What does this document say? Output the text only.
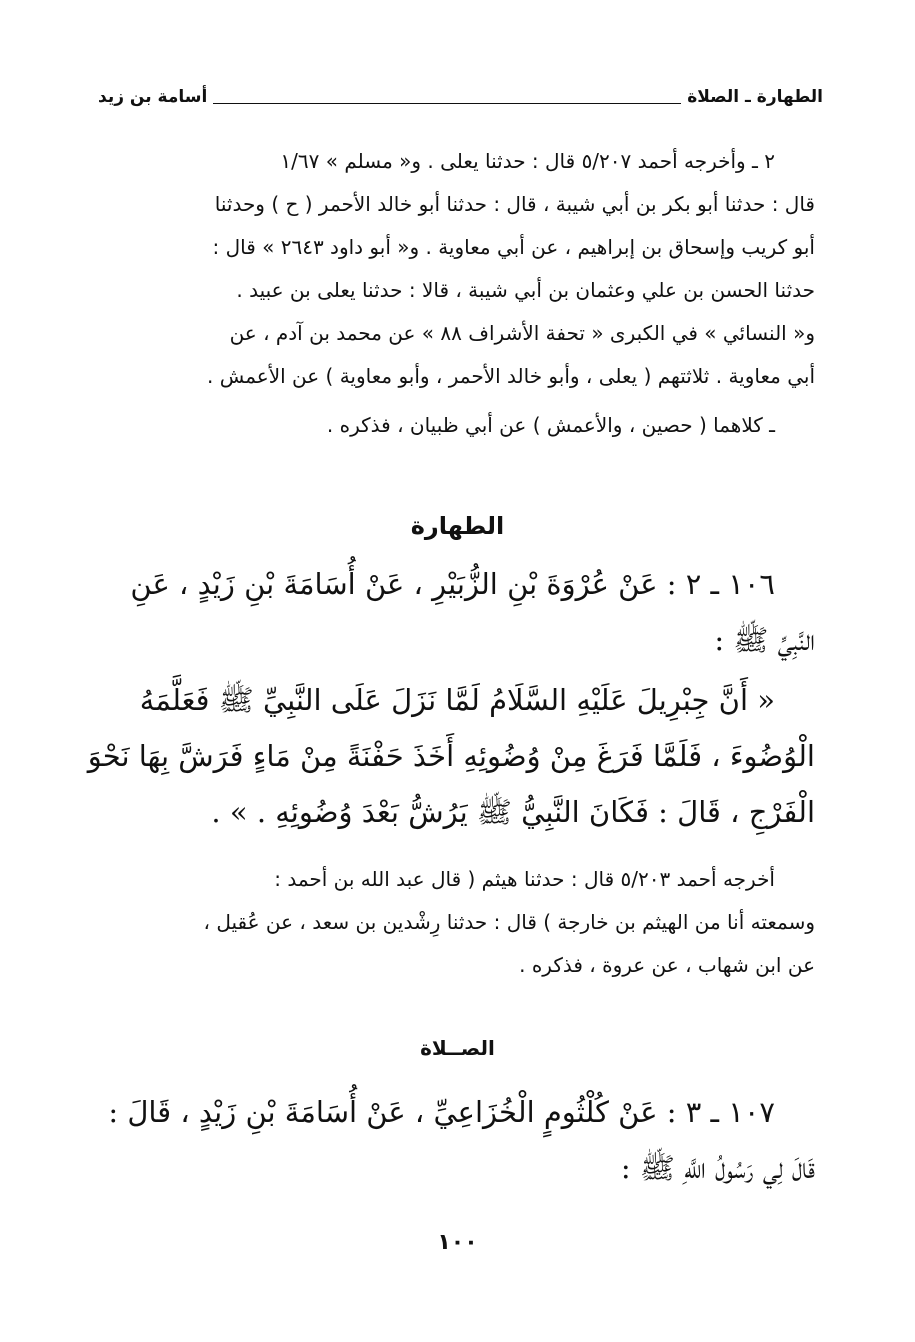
الطهارة ـ الصلاة
أسامة بن زيد
٢ ـ وأخرجه أحمد ٥/٢٠٧ قال : حدثنا يعلى . و« مسلم » ١/٦٧
قال : حدثنا أبو بكر بن أبي شيبة ، قال : حدثنا أبو خالد الأحمر ( ح ) وحدثنا
أبو كريب وإسحاق بن إبراهيم ، عن أبي معاوية . و« أبو داود ٢٦٤٣ » قال :
حدثنا الحسن بن علي وعثمان بن أبي شيبة ، قالا : حدثنا يعلى بن عبيد .
و« النسائي » في الكبرى « تحفة الأشراف ٨٨ » عن محمد بن آدم ، عن
أبي معاوية . ثلاثتهم ( يعلى ، وأبو خالد الأحمر ، وأبو معاوية ) عن الأعمش .
ـ كلاهما ( حصين ، والأعمش ) عن أبي ظبيان ، فذكره .
الطهارة
١٠٦ ـ ٢ : عَنْ عُرْوَةَ بْنِ الزُّبَيْرِ ، عَنْ أُسَامَةَ بْنِ زَيْدٍ ، عَنِ
النَّبِيِّ ﷺ :
« أَنَّ جِبْرِيلَ عَلَيْهِ السَّلَامُ لَمَّا نَزَلَ عَلَى النَّبِيِّ ﷺ فَعَلَّمَهُ
الْوُضُوءَ ، فَلَمَّا فَرَغَ مِنْ وُضُوئِهِ أَخَذَ حَفْنَةً مِنْ مَاءٍ فَرَشَّ بِهَا نَحْوَ
الْفَرْجِ ، قَالَ : فَكَانَ النَّبِيُّ ﷺ يَرُشُّ بَعْدَ وُضُوئِهِ . » .
أخرجه أحمد ٥/٢٠٣ قال : حدثنا هيثم ( قال عبد الله بن أحمد :
وسمعته أنا من الهيثم بن خارجة ) قال : حدثنا رِشْدين بن سعد ، عن عُقيل ،
عن ابن شهاب ، عن عروة ، فذكره .
الصــلاة
١٠٧ ـ ٣ : عَنْ كُلْثُومٍ الْخُزَاعِيِّ ، عَنْ أُسَامَةَ بْنِ زَيْدٍ ، قَالَ :
قَالَ لِي رَسُولُ اللَّهِ ﷺ :
١٠٠
